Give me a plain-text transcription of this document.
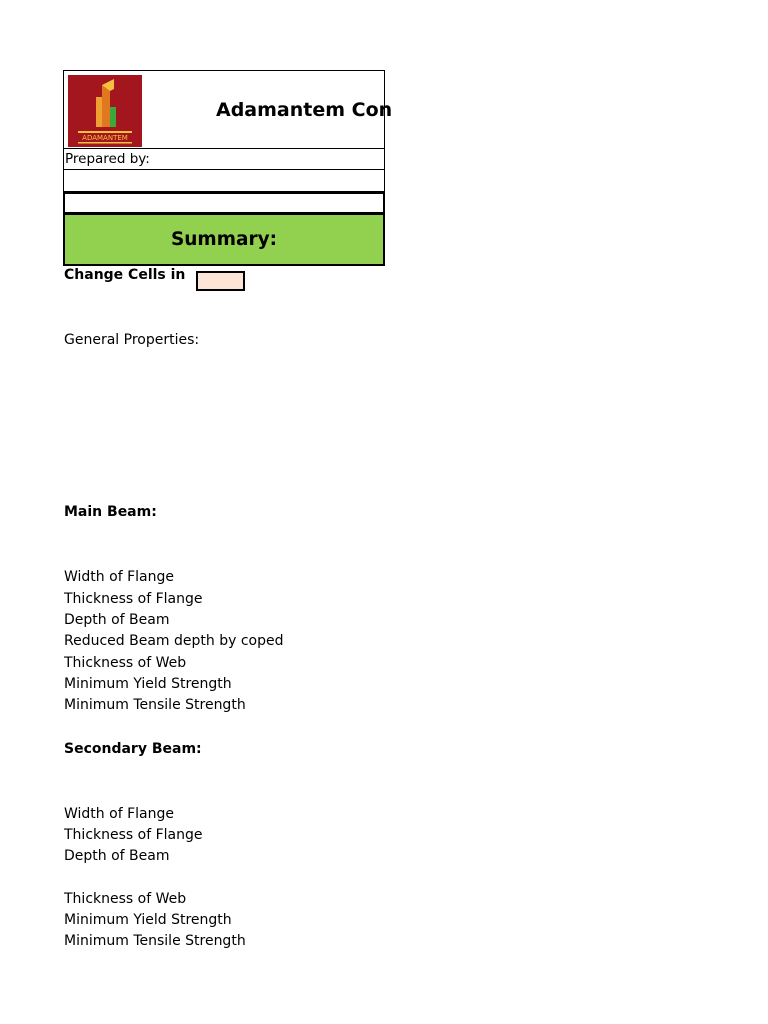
ADAMANTEM
Adamantem Con
Prepared by:
Summary:
Change Cells in
General Properties:
Main Beam:
Width of Flange
Thickness of Flange
Depth of Beam
Reduced Beam depth by coped
Thickness of Web
Minimum Yield Strength
Minimum Tensile Strength
Secondary Beam:
Width of Flange
Thickness of Flange
Depth of Beam
Thickness of Web
Minimum Yield Strength
Minimum Tensile Strength
